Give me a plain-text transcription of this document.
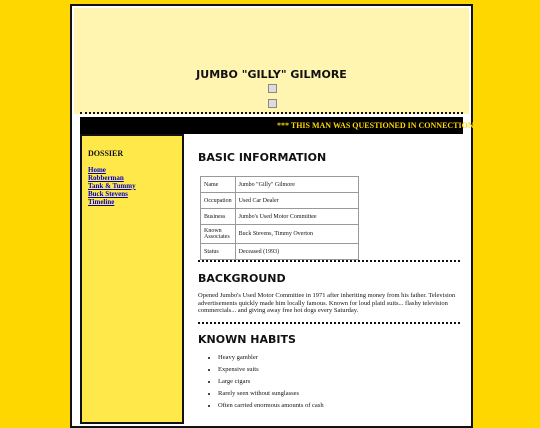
JUMBO "GILLY" GILMORE
*** THIS MAN WAS QUESTIONED IN CONNECTION WIT
DOSSIER
Home
Robberman
Tank & Tummy
Buck Stevens
Timeline
BASIC INFORMATION
Name	Jumbo "Gilly" Gilmore
Occupation	Used Car Dealer
Business	Jumbo's Used Motor Committee
Known Associates	Buck Stevens, Timmy Overton
Status	Deceased (1993)
BACKGROUND
Opened Jumbo's Used Motor Committee in 1971 after inheriting money from his father. Television advertisements quickly made him locally famous. Known for loud plaid suits... flashy television commercials... and giving away free hot dogs every Saturday.
KNOWN HABITS
• Heavy gambler
• Expensive suits
• Large cigars
• Rarely seen without sunglasses
• Often carried enormous amounts of cash
